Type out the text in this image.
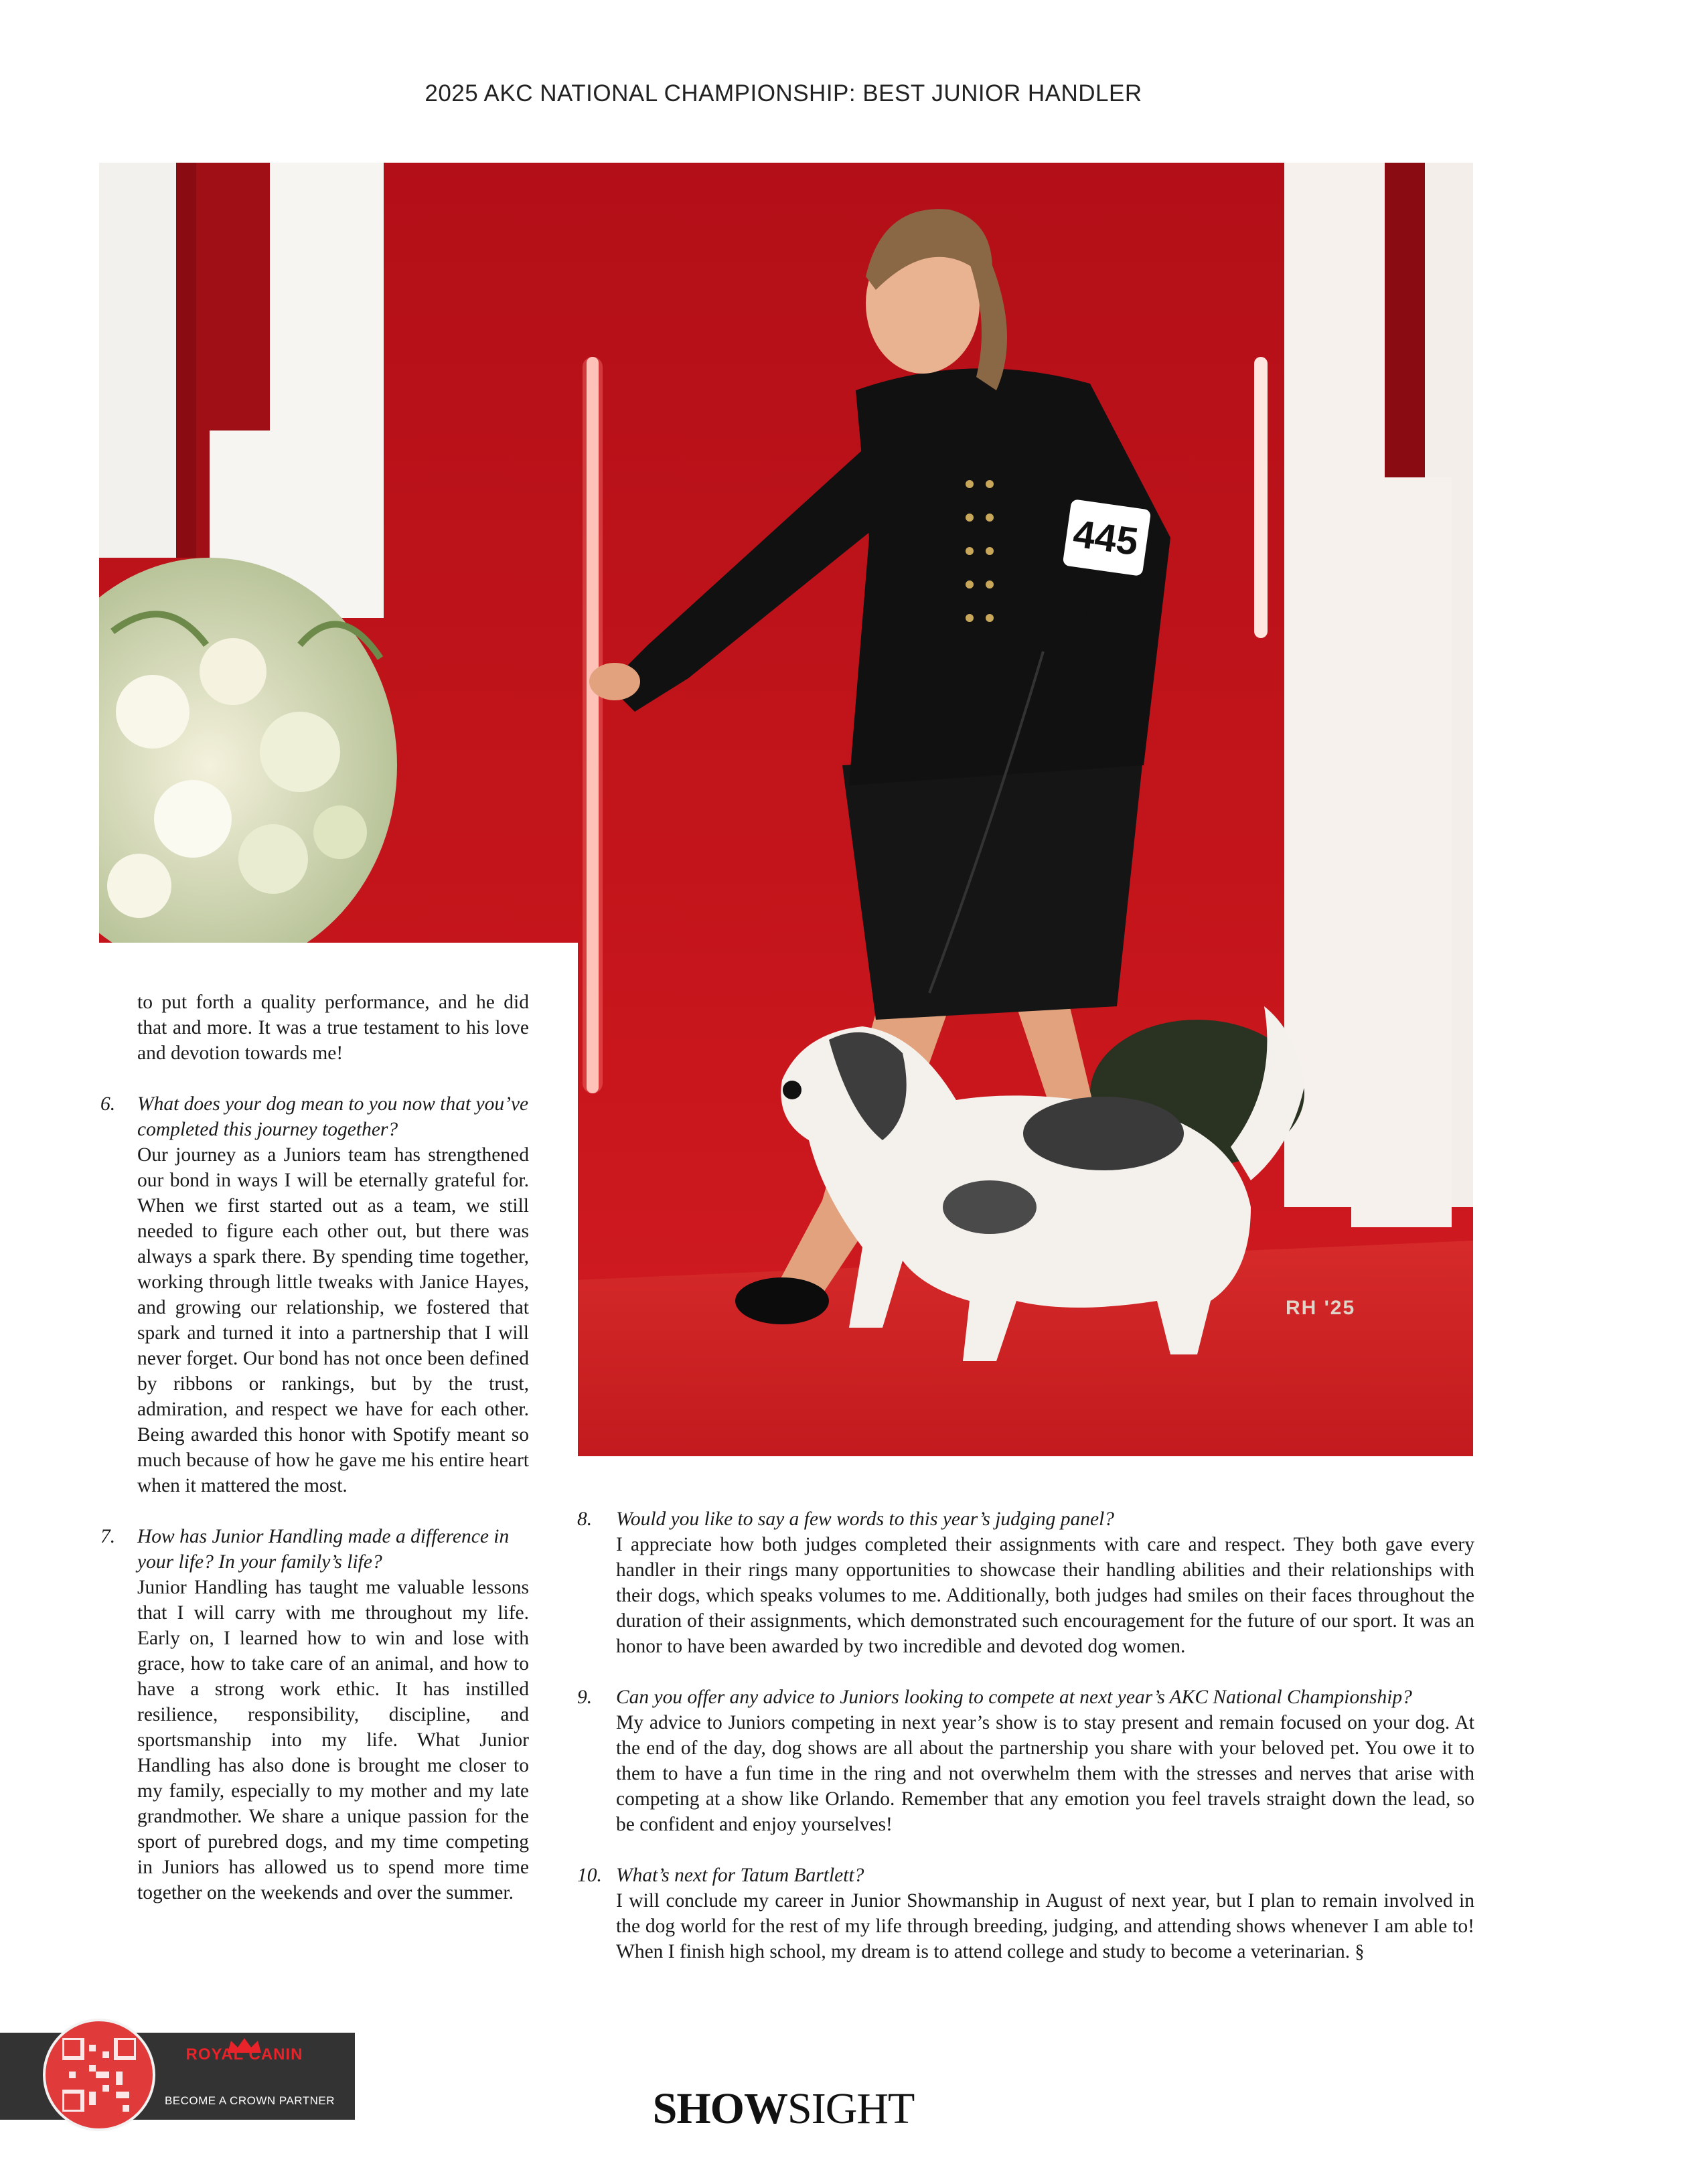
2025 AKC NATIONAL CHAMPIONSHIP: BEST JUNIOR HANDLER
445
RH '25
to put forth a quality performance, and he did that and more. It was a true testament to his love and devotion towards me!
6. What does your dog mean to you now that you’ve completed this journey together?
Our journey as a Juniors team has strengthened our bond in ways I will be eternally grateful for. When we first started out as a team, we still needed to figure each other out, but there was always a spark there. By spending time together, working through little tweaks with Janice Hayes, and growing our relationship, we fostered that spark and turned it into a partnership that I will never forget. Our bond has not once been defined by ribbons or rankings, but by the trust, admiration, and respect we have for each other. Being awarded this honor with Spotify meant so much because of how he gave me his entire heart when it mattered the most.
7. How has Junior Handling made a difference in your life? In your family’s life?
Junior Handling has taught me valuable lessons that I will carry with me throughout my life. Early on, I learned how to win and lose with grace, how to take care of an animal, and how to have a strong work ethic. It has instilled resilience, responsibility, discipline, and sportsmanship into my life. What Junior Handling has also done is brought me closer to my family, especially to my mother and my late grandmother. We share a unique passion for the sport of purebred dogs, and my time competing in Juniors has allowed us to spend more time together on the weekends and over the summer.
8. Would you like to say a few words to this year’s judging panel?
I appreciate how both judges completed their assignments with care and respect. They both gave every handler in their rings many opportunities to showcase their handling abilities and their relationships with their dogs, which speaks volumes to me. Additionally, both judges had smiles on their faces throughout the duration of their assignments, which demonstrated such encouragement for the future of our sport. It was an honor to have been awarded by two incredible and devoted dog women.
9. Can you offer any advice to Juniors looking to compete at next year’s AKC National Championship?
My advice to Juniors competing in next year’s show is to stay present and remain focused on your dog. At the end of the day, dog shows are all about the partnership you share with your beloved pet. You owe it to them to have a fun time in the ring and not overwhelm them with the stresses and nerves that arise with competing at a show like Orlando. Remember that any emotion you feel travels straight down the lead, so be confident and enjoy yourselves!
10. What’s next for Tatum Bartlett?
I will conclude my career in Junior Showmanship in August of next year, but I plan to remain involved in the dog world for the rest of my life through breeding, judging, and attending shows whenever I am able to! When I finish high school, my dream is to attend college and study to become a veterinarian. §
ROYAL CANIN
BECOME A CROWN PARTNER	SHOWSIGHT
